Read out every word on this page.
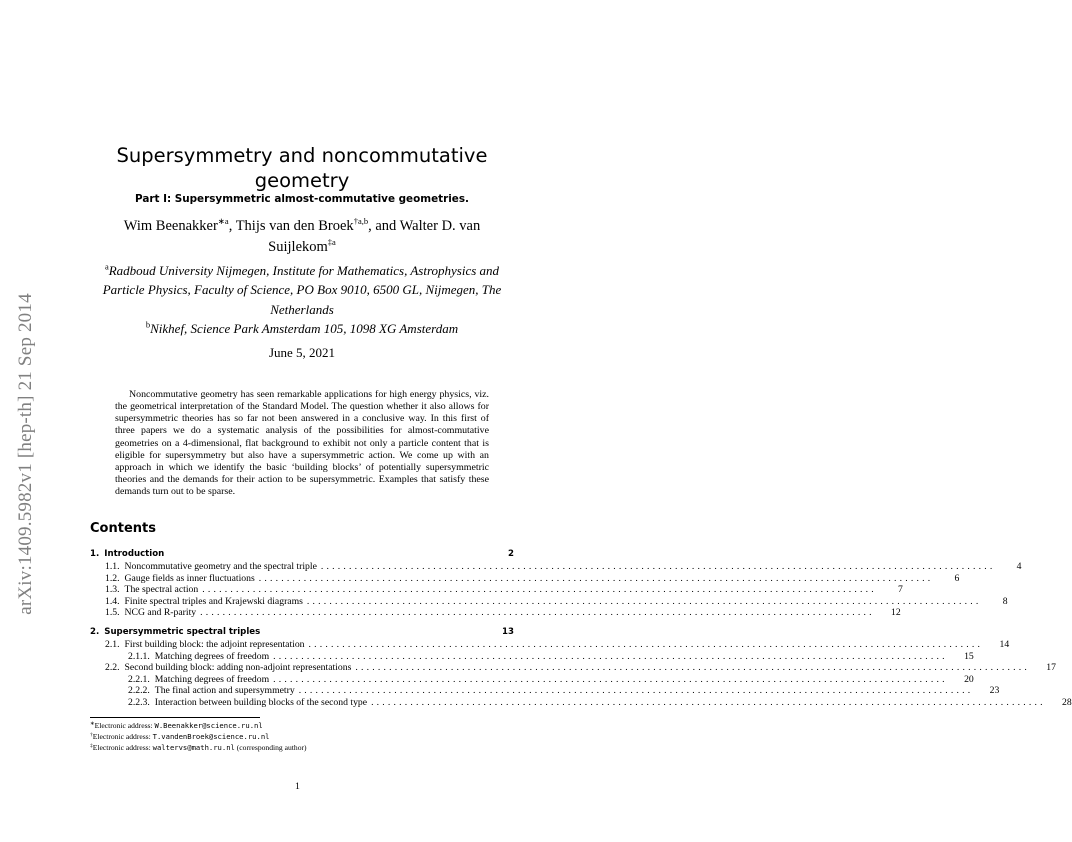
arXiv:1409.5982v1 [hep-th] 21 Sep 2014
Supersymmetry and noncommutative geometry
Part I: Supersymmetric almost-commutative geometries.
Wim Beenakker$^{∗a}$, Thijs van den Broek$^{\dagger a,b}$, and Walter D. van Suijlekom$^{\ddagger a}$
$^a$Radboud University Nijmegen, Institute for Mathematics, Astrophysics and Particle Physics, Faculty of Science, PO Box 9010, 6500 GL, Nijmegen, The Netherlands
$^b$Nikhef, Science Park Amsterdam 105, 1098 XG Amsterdam
June 5, 2021

Noncommutative geometry has seen remarkable applications for high energy physics, viz. the geometrical interpretation of the Standard Model. The question whether it also allows for supersymmetric theories has so far not been answered in a conclusive way. In this first of three papers we do a systematic analysis of the possibilities for almost-commutative geometries on a 4-dimensional, flat background to exhibit not only a particle content that is eligible for supersymmetry but also have a supersymmetric action. We come up with an approach in which we identify the basic ‘building blocks’ of potentially supersymmetric theories and the demands for their action to be supersymmetric. Examples that satisfy these demands turn out to be sparse.

Contents
1. Introduction	2
1.1. Noncommutative geometry and the spectral triple ........................................................................................................................	4
1.2. Gauge fields as inner fluctuations ........................................................................................................................	6
1.3. The spectral action ........................................................................................................................	7
1.4. Finite spectral triples and Krajewski diagrams ........................................................................................................................	8
1.5. NCG and R-parity ........................................................................................................................	12
2. Supersymmetric spectral triples	13
2.1. First building block: the adjoint representation ........................................................................................................................	14
2.1.1. Matching degrees of freedom ........................................................................................................................	15
2.2. Second building block: adding non-adjoint representations ........................................................................................................................	17
2.2.1. Matching degrees of freedom ........................................................................................................................	20
2.2.2. The final action and supersymmetry ........................................................................................................................	23
2.2.3. Interaction between building blocks of the second type ........................................................................................................................	28
∗Electronic address: W.Beenakker@science.ru.nl
†Electronic address: T.vandenBroek@science.ru.nl
‡Electronic address: waltervs@math.ru.nl (corresponding author)
1
